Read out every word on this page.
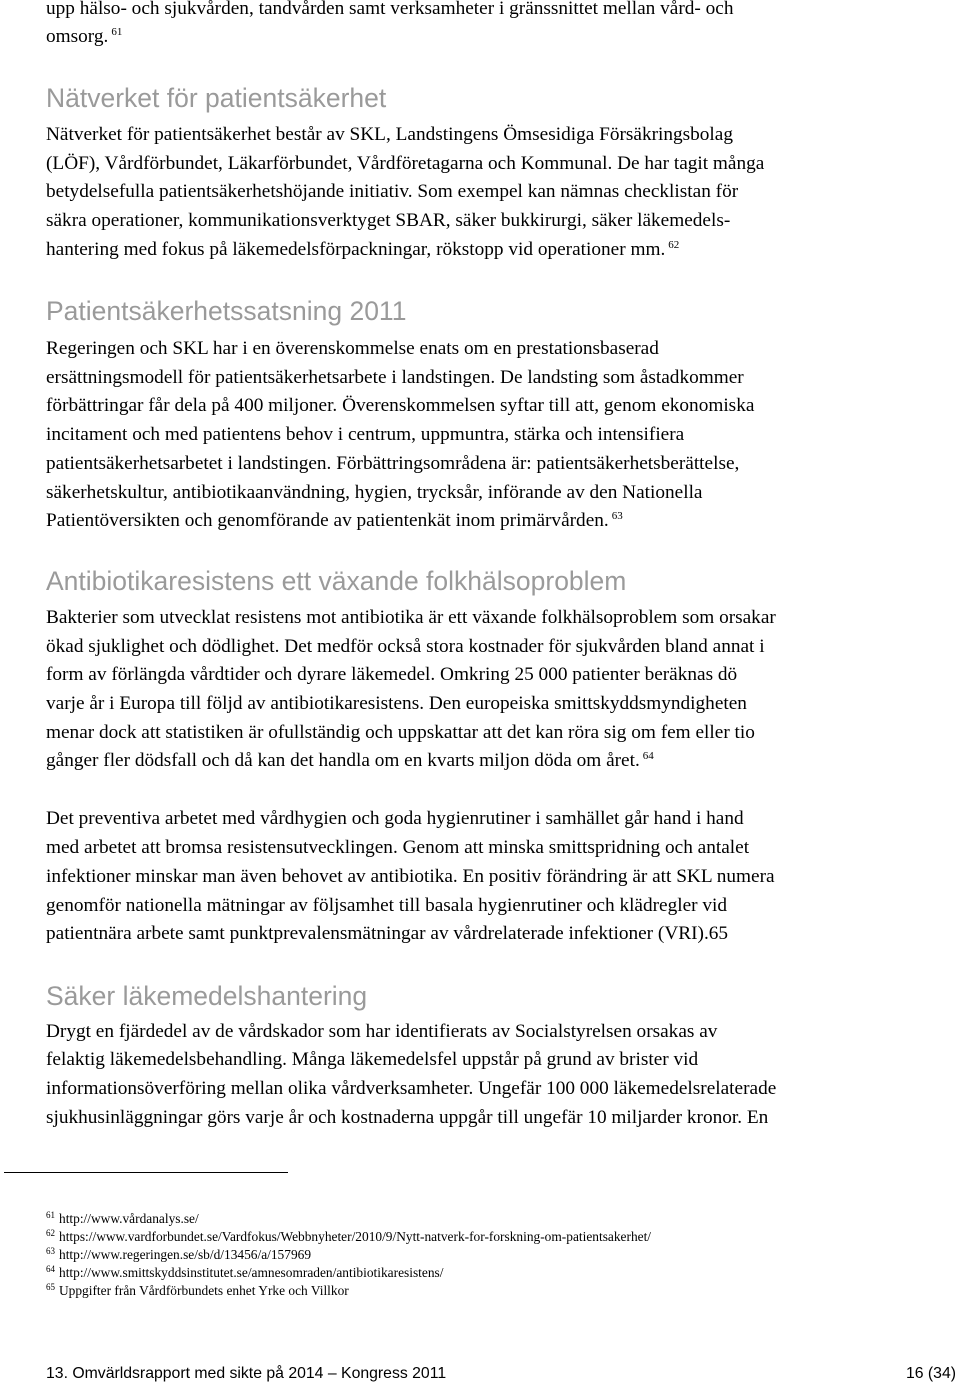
upp hälso- och sjukvården, tandvården samt verksamheter i gränssnittet mellan vård- och
omsorg. $^{61}$
Nätverket för patientsäkerhet
Nätverket för patientsäkerhet består av SKL, Landstingens Ömsesidiga Försäkringsbolag
(LÖF), Vårdförbundet, Läkarförbundet, Vårdföretagarna och Kommunal. De har tagit många
betydelsefulla patientsäkerhetshöjande initiativ. Som exempel kan nämnas checklistan för
säkra operationer, kommunikationsverktyget SBAR, säker bukkirurgi, säker läkemedels-
hantering med fokus på läkemedelsförpackningar, rökstopp vid operationer mm. $^{62}$
Patientsäkerhetssatsning 2011
Regeringen och SKL har i en överenskommelse enats om en prestationsbaserad
ersättningsmodell för patientsäkerhetsarbete i landstingen. De landsting som åstadkommer
förbättringar får dela på 400 miljoner. Överenskommelsen syftar till att, genom ekonomiska
incitament och med patientens behov i centrum, uppmuntra, stärka och intensifiera
patientsäkerhetsarbetet i landstingen. Förbättringsområdena är: patientsäkerhetsberättelse,
säkerhetskultur, antibiotikaanvändning, hygien, trycksår, införande av den Nationella
Patientöversikten och genomförande av patientenkät inom primärvården. $^{63}$
Antibiotikaresistens ett växande folkhälsoproblem
Bakterier som utvecklat resistens mot antibiotika är ett växande folkhälsoproblem som orsakar
ökad sjuklighet och dödlighet. Det medför också stora kostnader för sjukvården bland annat i
form av förlängda vårdtider och dyrare läkemedel. Omkring 25 000 patienter beräknas dö
varje år i Europa till följd av antibiotikaresistens. Den europeiska smittskyddsmyndigheten
menar dock att statistiken är ofullständig och uppskattar att det kan röra sig om fem eller tio
gånger fler dödsfall och då kan det handla om en kvarts miljon döda om året. $^{64}$
Det preventiva arbetet med vårdhygien och goda hygienrutiner i samhället går hand i hand
med arbetet att bromsa resistensutvecklingen. Genom att minska smittspridning och antalet
infektioner minskar man även behovet av antibiotika. En positiv förändring är att SKL numera
genomför nationella mätningar av följsamhet till basala hygienrutiner och klädregler vid
patientnära arbete samt punktprevalensmätningar av vårdrelaterade infektioner (VRI).65
Säker läkemedelshantering
Drygt en fjärdedel av de vårdskador som har identifierats av Socialstyrelsen orsakas av
felaktig läkemedelsbehandling. Många läkemedelsfel uppstår på grund av brister vid
informationsöverföring mellan olika vårdverksamheter. Ungefär 100 000 läkemedelsrelaterade
sjukhusinläggningar görs varje år och kostnaderna uppgår till ungefär 10 miljarder kronor. En
$^{61}$ http://www.vårdanalys.se/
$^{62}$ https://www.vardforbundet.se/Vardfokus/Webbnyheter/2010/9/Nytt-natverk-for-forskning-om-patientsakerhet/
$^{63}$ http://www.regeringen.se/sb/d/13456/a/157969
$^{64}$ http://www.smittskyddsinstitutet.se/amnesomraden/antibiotikaresistens/
$^{65}$ Uppgifter från Vårdförbundets enhet Yrke och Villkor
13. Omvärldsrapport med sikte på 2014 – Kongress 2011	16 (34)
